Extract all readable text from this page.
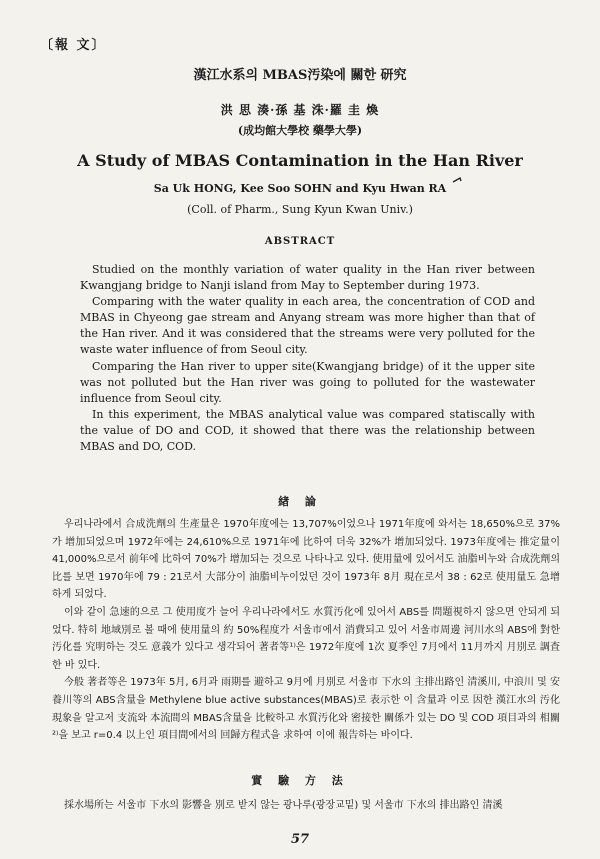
〔報 文〕
漢江水系의 MBAS汚染에 關한 研究
洪 思 湊·孫 基 洙·羅 圭 煥
(成均館大學校 藥學大學)
A Study of MBAS Contamination in the Han River
Sa Uk HONG, Kee Soo SOHN and Kyu Hwan RA
(Coll. of Pharm., Sung Kyun Kwan Univ.)
ABSTRACT

Studied on the monthly variation of water quality in the Han river between Kwangjang bridge to Nanji island from May to September during 1973.

Comparing with the water quality in each area, the concentration of COD and MBAS in Chyeong gae stream and Anyang stream was more higher than that of the Han river. And it was considered that the streams were very polluted for the waste water influence of from Seoul city.

Comparing the Han river to upper site(Kwangjang bridge) of it the upper site was not polluted but the Han river was going to polluted for the wastewater influence from Seoul city.

In this experiment, the MBAS analytical value was compared statiscally with the value of DO and COD, it showed that there was the relationship between MBAS and DO, COD.

緖 論

우리나라에서 合成洗劑의 生產量은 1970年度에는 13,707%이었으나 1971年度에 와서는 18,650%으로 37%가 增加되었으며 1972年에는 24,610%으로 1971年에 比하여 더욱 32%가 增加되었다. 1973年度에는 推定量이 41,000%으로서 前年에 比하여 70%가 增加되는 것으로 나타나고 있다. 使用量에 있어서도 油脂비누와 合成洗劑의 比를 보면 1970年에 79 : 21로서 大部分이 油脂비누이었던 것이 1973年 8月 現在로서 38 : 62로 使用量도 急增하게 되었다.

이와 같이 急速的으로 그 使用度가 늘어 우리나라에서도 水質汚化에 있어서 ABS를 問題視하지 않으면 안되게 되었다. 特히 地域別로 볼 때에 使用量의 約 50%程度가 서울市에서 消費되고 있어 서울市周邊 河川水의 ABS에 對한 汚化를 究明하는 것도 意義가 있다고 생각되어 著者等¹⁾은 1972年度에 1次 夏季인 7月에서 11月까지 月別로 調査한 바 있다.

今般 著者等은 1973年 5月, 6月과 雨期를 避하고 9月에 月別로 서울市 下水의 主排出路인 清溪川, 中浪川 및 安養川等의 ABS含量을 Methylene blue active substances(MBAS)로 表示한 이 含量과 이로 因한 漢江水의 汚化現象을 알고저 支流와 本流間의 MBAS含量을 比較하고 水質汚化와 密接한 關係가 있는 DO 및 COD 項目과의 相關²⁾을 보고 r=0.4 以上인 項目間에서의 回歸方程式을 求하여 이에 報告하는 바이다.

實 驗 方 法

採水場所는 서울市 下水의 影響을 別로 받지 않는 광나루(광장교밑) 및 서울市 下水의 排出路인 清溪

57
